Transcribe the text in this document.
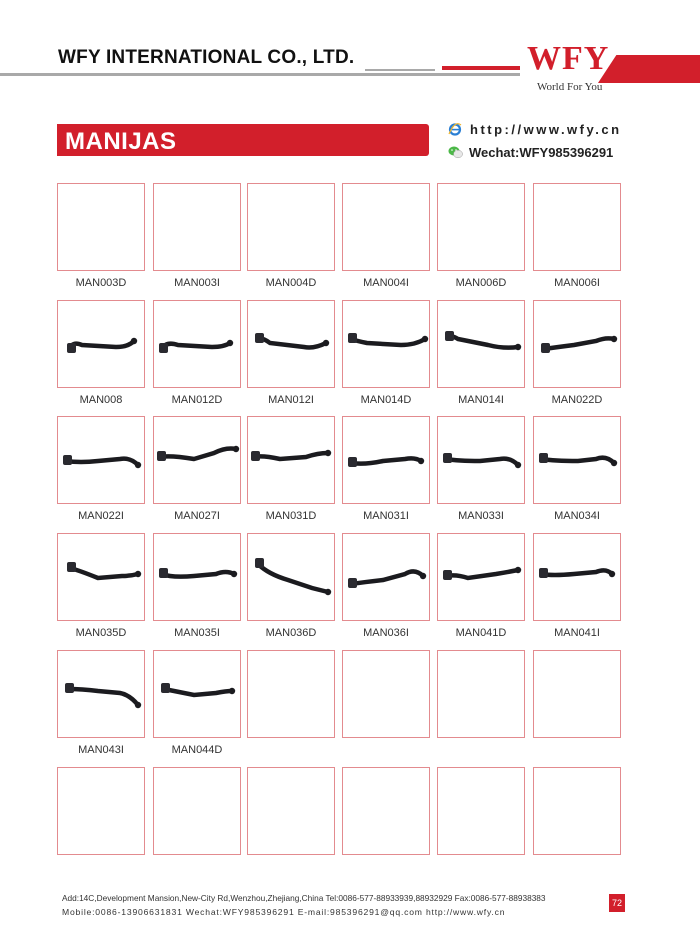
WFY INTERNATIONAL CO., LTD.	WFY
World For You
MANIJAS	http://www.wfy.cn
Wechat:WFY985396291
MAN003D	MAN003I	MAN004D	MAN004I	MAN006D	MAN006I
MAN008	MAN012D	MAN012I	MAN014D	MAN014I	MAN022D
MAN022I	MAN027I	MAN031D	MAN031I	MAN033I	MAN034I
MAN035D	MAN035I	MAN036D	MAN036I	MAN041D	MAN041I
MAN043I	MAN044D
Add:14C,Development Mansion,New-City Rd,Wenzhou,Zhejiang,China Tel:0086-577-88933939,88932929 Fax:0086-577-88938383
Mobile:0086-13906631831 Wechat:WFY985396291 E-mail:985396291@qq.com http://www.wfy.cn
72
